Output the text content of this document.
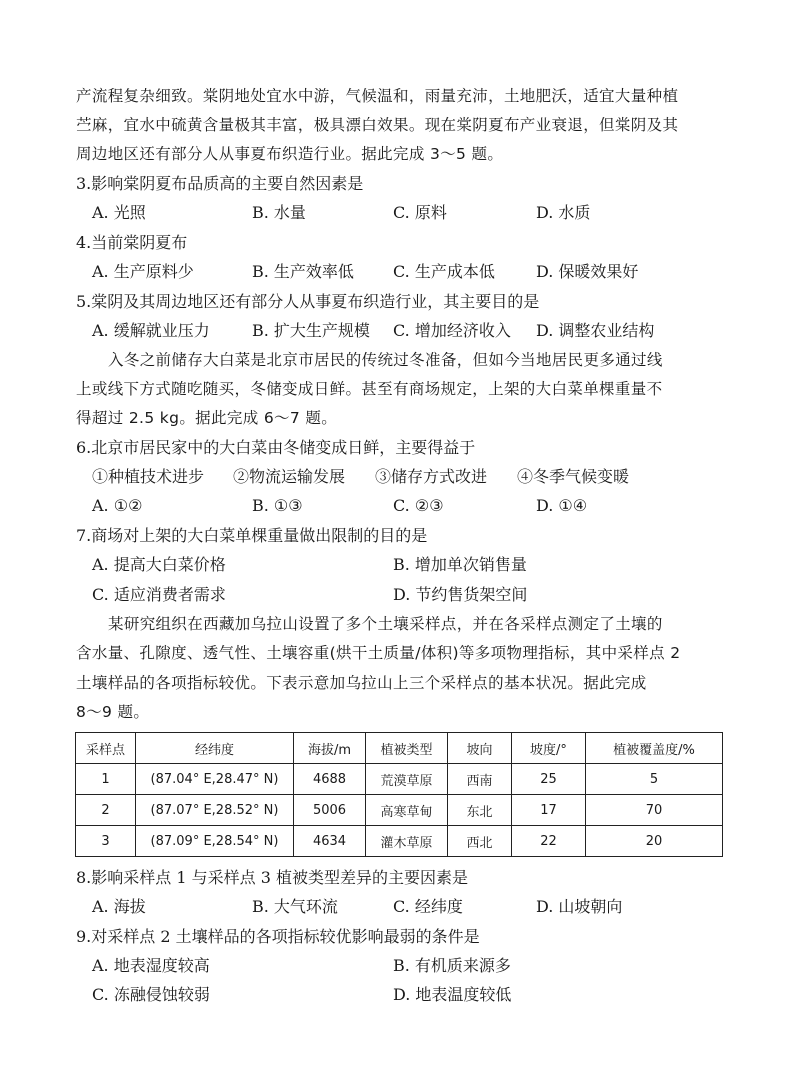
产流程复杂细致。棠阴地处宜水中游，气候温和，雨量充沛，土地肥沃，适宜大量种植
苎麻，宜水中硫黄含量极其丰富，极具漂白效果。现在棠阴夏布产业衰退，但棠阴及其
周边地区还有部分人从事夏布织造行业。据此完成 3～5 题。
3.影响棠阴夏布品质高的主要自然因素是
A. 光照	B. 水量	C. 原料	D. 水质
4.当前棠阴夏布
A. 生产原料少	B. 生产效率低 C. 生产成本低	D. 保暖效果好
5.棠阴及其周边地区还有部分人从事夏布织造行业，其主要目的是
A. 缓解就业压力	B. 扩大生产规模 C. 增加经济收入 D. 调整农业结构
入冬之前储存大白菜是北京市居民的传统过冬准备，但如今当地居民更多通过线
上或线下方式随吃随买，冬储变成日鲜。甚至有商场规定，上架的大白菜单棵重量不
得超过 2.5 kg。据此完成 6～7 题。
6.北京市居民家中的大白菜由冬储变成日鲜，主要得益于
①种植技术进步 ②物流运输发展 ③储存方式改进 ④冬季气候变暖
A. ①②	B. ①③	C. ②③	D. ①④
7.商场对上架的大白菜单棵重量做出限制的目的是
A. 提高大白菜价格	B. 增加单次销售量
C. 适应消费者需求	D. 节约售货架空间
某研究组织在西藏加乌拉山设置了多个土壤采样点，并在各采样点测定了土壤的
含水量、孔隙度、透气性、土壤容重(烘干土质量/体积)等多项物理指标，其中采样点 2
土壤样品的各项指标较优。下表示意加乌拉山上三个采样点的基本状况。据此完成
8～9 题。
采样点	经纬度	海拔/m	植被类型	坡向	坡度/°	植被覆盖度/%
1	(87.04° E,28.47° N)	4688	荒漠草原	西南	25	5
2	(87.07° E,28.52° N)	5006	高寒草甸	东北	17	70
3	(87.09° E,28.54° N)	4634	灌木草原	西北	22	20
8.影响采样点 1 与采样点 3 植被类型差异的主要因素是
A. 海拔	B. 大气环流	C. 经纬度	D. 山坡朝向
9.对采样点 2 土壤样品的各项指标较优影响最弱的条件是
A. 地表湿度较高	B. 有机质来源多
C. 冻融侵蚀较弱	D. 地表温度较低
